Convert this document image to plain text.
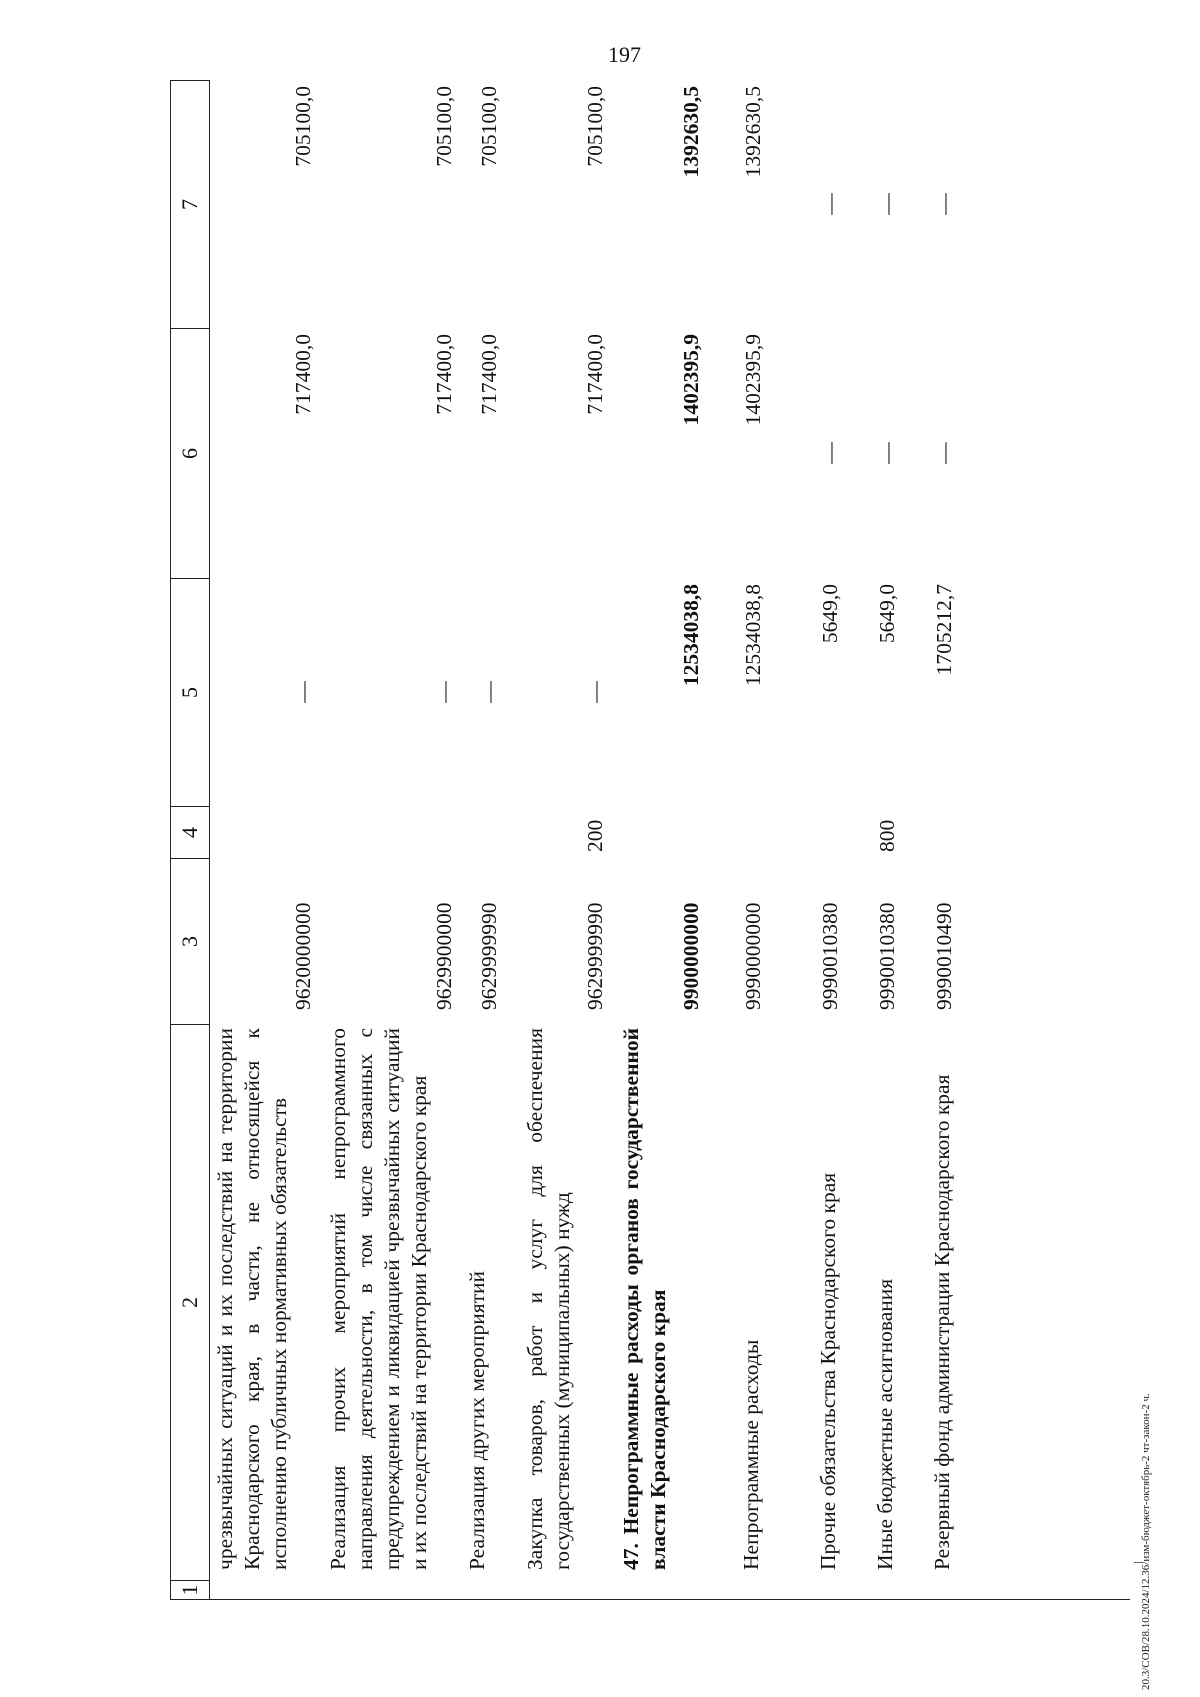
197
20.3/СОВ/28.10.2024/12.36/изм-бюджет-октябрь-2 чт-закон-2 ч.
1
2
3
4
5
6
7
чрезвычайных ситуаций и их последствий на территории Краснодарского края, в части, не относящейся к исполнению публичных нормативных обязательств
9620000000
—
717400,0
705100,0
Реализация прочих мероприятий непрограммного направления деятельности, в том числе связанных с предупреждением и ликвидацией чрезвычайных ситуаций и их последствий на территории Краснодарского края
9629900000
—
717400,0
705100,0
Реализация других мероприятий
9629999990
—
717400,0
705100,0
Закупка товаров, работ и услуг для обеспечения государственных (муниципальных) нужд
9629999990
200
—
717400,0
705100,0
47. Непрограммные расходы органов государственной власти Краснодарского края
9900000000
12534038,8
1402395,9
1392630,5
Непрограммные расходы
9990000000
12534038,8
1402395,9
1392630,5
Прочие обязательства Краснодарского края
9990010380
5649,0
—
—
Иные бюджетные ассигнования
9990010380
800
5649,0
—
—
Резервный фонд администрации Краснодарского края
9990010490
1705212,7
—
—
